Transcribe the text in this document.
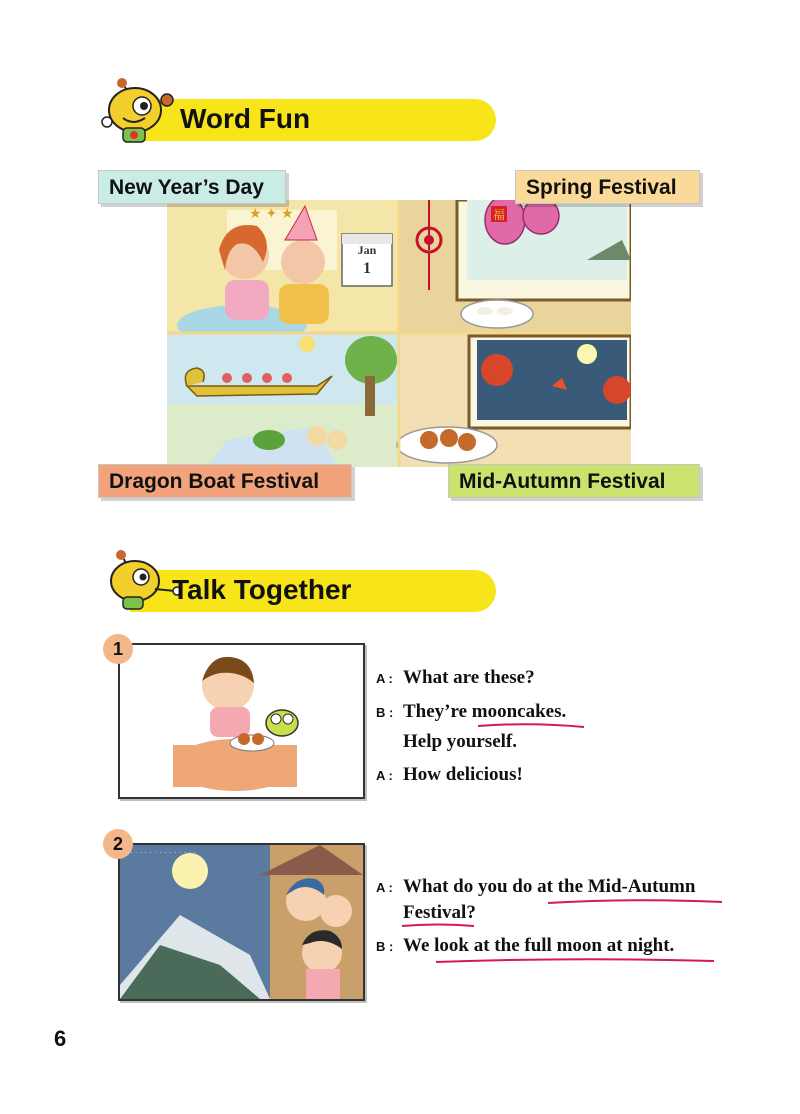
Word Fun
Jan
1
★ ✦ ★	福
New Year’s Day	Spring Festival
Dragon Boat Festival	Mid-Autumn Festival
Talk Together
1
A : What are these?
B : They’re mooncakes.
Help yourself.
A : How delicious!
· · · · · · · · · · · · · ·
2
A : What do you do at the Mid-Autumn
Festival?
B : We look at the full moon at night.
6
